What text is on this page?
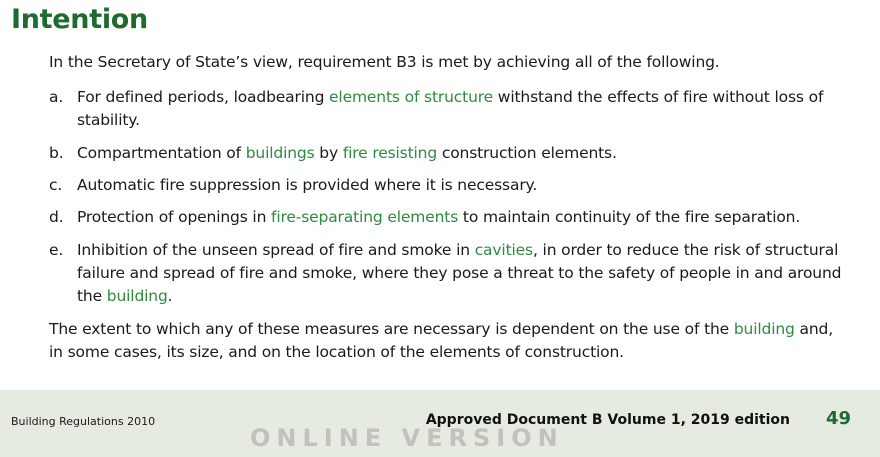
Intention

In the Secretary of State’s view, requirement B3 is met by achieving all of the following.

a. For defined periods, loadbearing elements of structure withstand the effects of fire without loss of stability.
b. Compartmentation of buildings by fire resisting construction elements.
c. Automatic fire suppression is provided where it is necessary.
d. Protection of openings in fire-separating elements to maintain continuity of the fire separation.
e. Inhibition of the unseen spread of fire and smoke in cavities, in order to reduce the risk of structural failure and spread of fire and smoke, where they pose a threat to the safety of people in and around the building.

The extent to which any of these measures are necessary is dependent on the use of the building and, in some cases, its size, and on the location of the elements of construction.

Building Regulations 2010
ONLINE VERSION
Approved Document B Volume 1, 2019 edition 49
